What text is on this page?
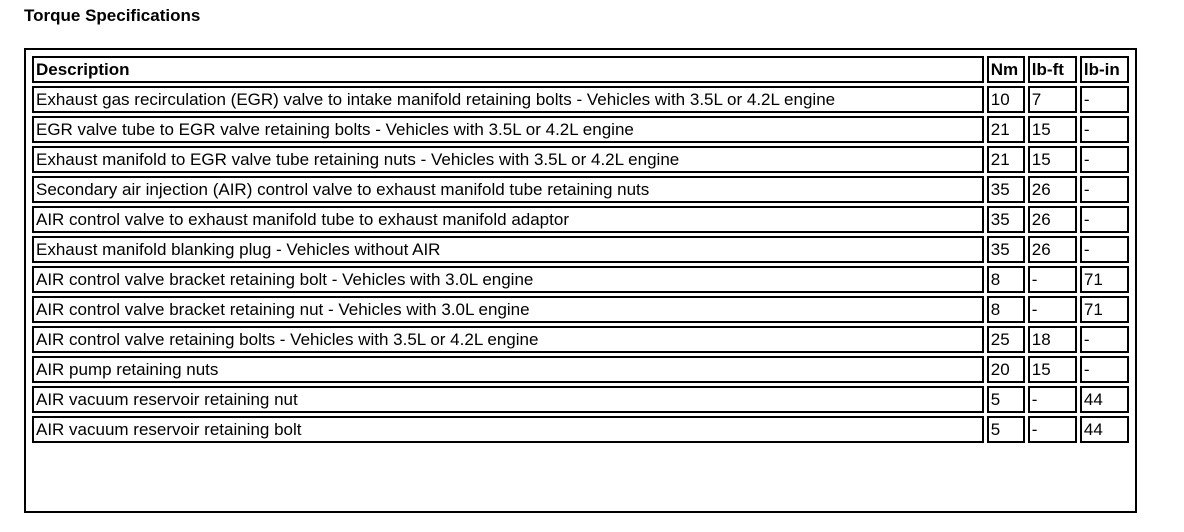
Torque Specifications
Description	Nm	lb-ft	lb-in
Exhaust gas recirculation (EGR) valve to intake manifold retaining bolts - Vehicles with 3.5L or 4.2L engine	10	7	-
EGR valve tube to EGR valve retaining bolts - Vehicles with 3.5L or 4.2L engine	21	15	-
Exhaust manifold to EGR valve tube retaining nuts - Vehicles with 3.5L or 4.2L engine	21	15	-
Secondary air injection (AIR) control valve to exhaust manifold tube retaining nuts	35	26	-
AIR control valve to exhaust manifold tube to exhaust manifold adaptor	35	26	-
Exhaust manifold blanking plug - Vehicles without AIR	35	26	-
AIR control valve bracket retaining bolt - Vehicles with 3.0L engine	8	-	71
AIR control valve bracket retaining nut - Vehicles with 3.0L engine	8	-	71
AIR control valve retaining bolts - Vehicles with 3.5L or 4.2L engine	25	18	-
AIR pump retaining nuts	20	15	-
AIR vacuum reservoir retaining nut	5	-	44
AIR vacuum reservoir retaining bolt	5	-	44
